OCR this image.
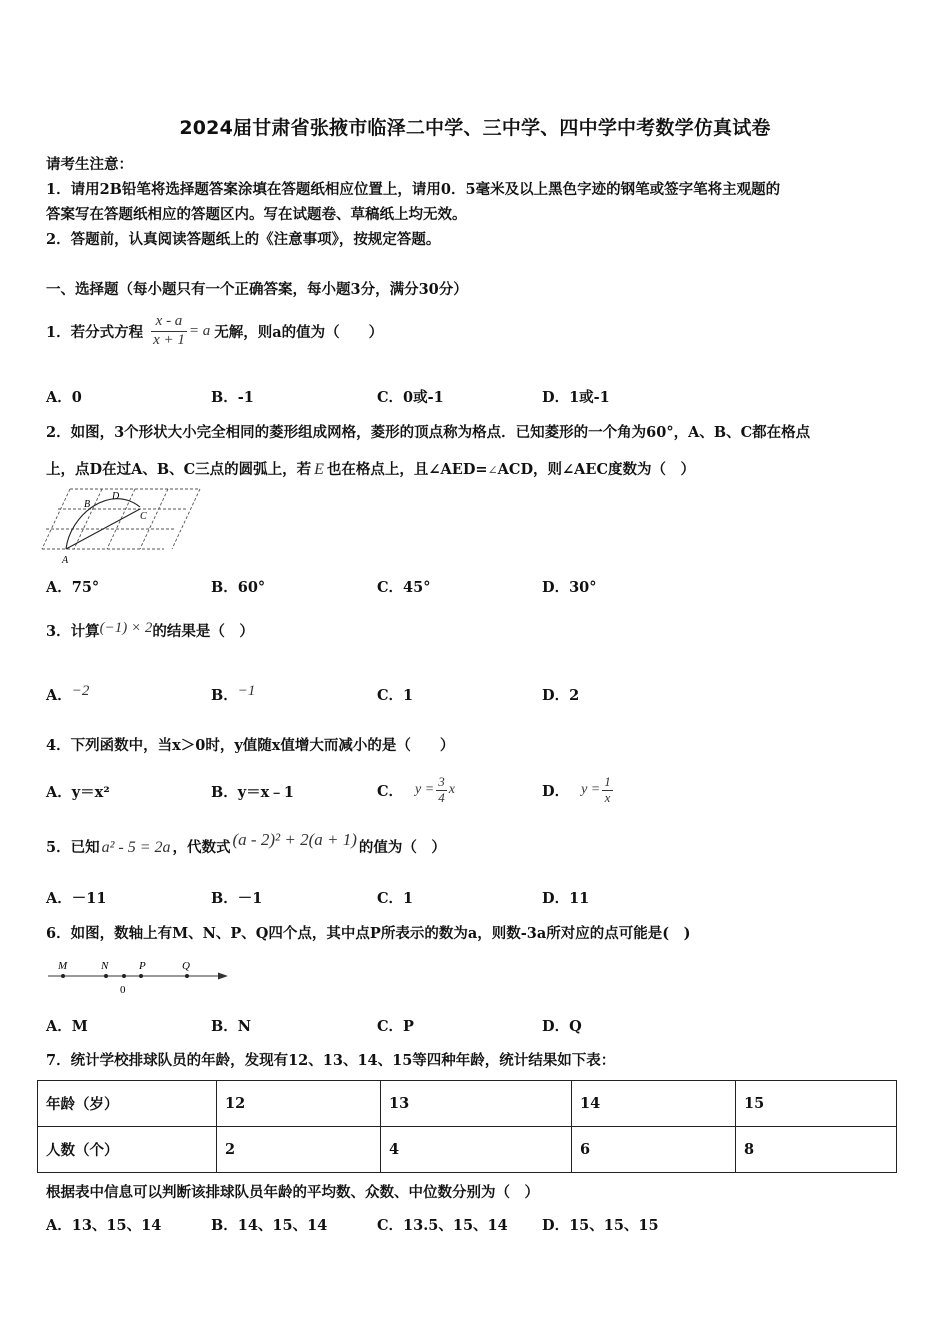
2024届甘肃省张掖市临泽二中学、三中学、四中学中考数学仿真试卷
请考生注意：
1．请用2B铅笔将选择题答案涂填在答题纸相应位置上，请用0．5毫米及以上黑色字迹的钢笔或签字笔将主观题的
答案写在答题纸相应的答题区内。写在试题卷、草稿纸上均无效。
2．答题前，认真阅读答题纸上的《注意事项》，按规定答题。
一、选择题（每小题只有一个正确答案，每小题3分，满分30分）
1．若分式方程 $\frac{x - a}{x + 1} = a$ 无解，则a的值为（　　）
A．0	B．-1	C．0或-1	D．1或-1
2．如图，3个形状大小完全相同的菱形组成网格，菱形的顶点称为格点．已知菱形的一个角为60°，A、B、C都在格点
上，点D在过A、B、C三点的圆弧上，若 E 也在格点上，且∠AED=∠ACD，则∠AEC度数为（　）
B
D
C
A
A．75°	B．60°	C．45°	D．30°
3．计算(−1) × 2的结果是（　）
A．−2	B．−1	C．1	D．2
4．下列函数中，当x＞0时，y值随x值增大而减小的是（　　）
A．y＝x²	B．y＝x﹣1	C． $y = \frac{3}{4}$ x	D． $y = \frac{1}{x}$
5．已知 a² - 5 = 2a ，代数式 (a - 2)² + 2(a + 1) 的值为（　）
A．－11	B．－1	C．1	D．11
6．如图，数轴上有M、N、P、Q四个点，其中点P所表示的数为a，则数-3a所对应的点可能是(　)
M	N	P	Q
0
A．M	B．N	C．P	D．Q
7．统计学校排球队员的年龄，发现有12、13、14、15等四种年龄，统计结果如下表：
年龄（岁）	12	13	14	15
人数（个）	2	4	6	8
根据表中信息可以判断该排球队员年龄的平均数、众数、中位数分别为（　）
A．13、15、14	B．14、15、14	C．13.5、15、14 D．15、15、15
